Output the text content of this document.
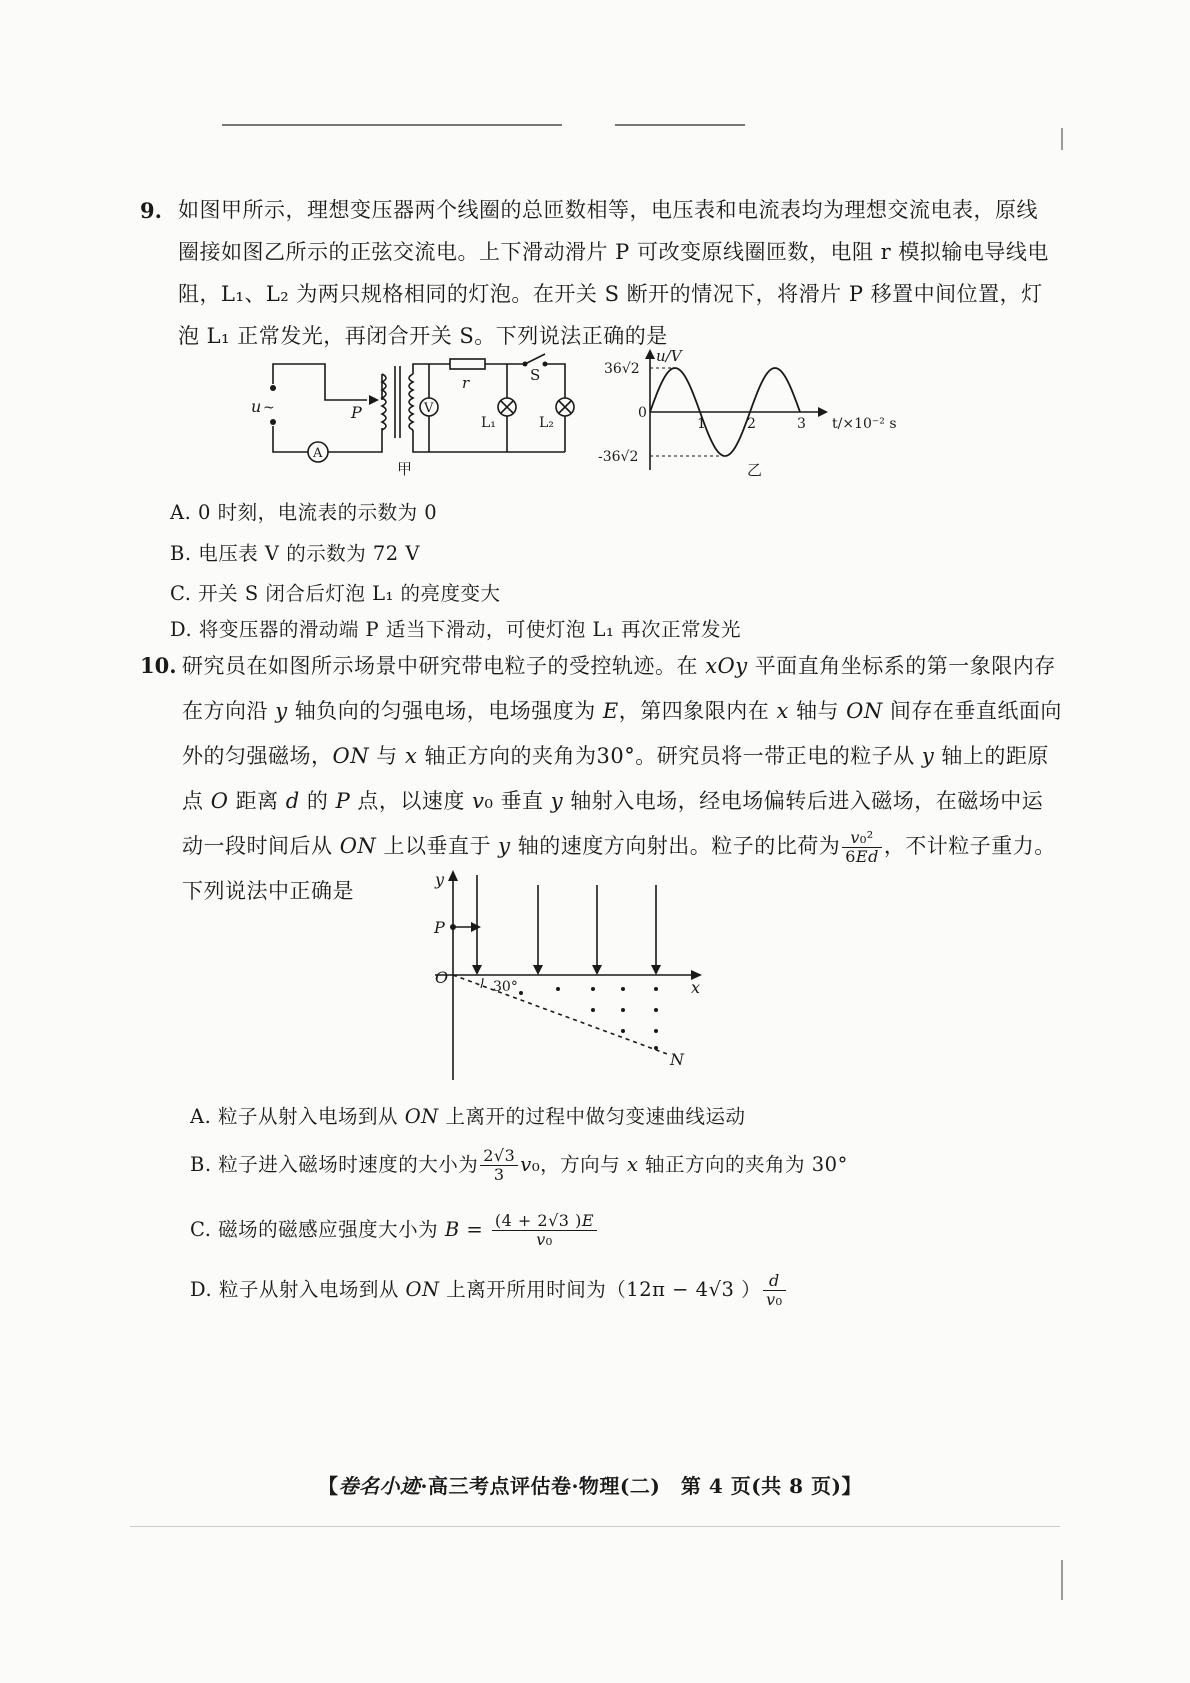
9. 如图甲所示，理想变压器两个线圈的总匝数相等，电压表和电流表均为理想交流电表，原线圈接如图乙所示的正弦交流电。上下滑动滑片 P 可改变原线圈匝数，电阻 r 模拟输电导线电阻，L₁、L₂ 为两只规格相同的灯泡。在开关 S 断开的情况下，将滑片 P 移置中间位置，灯泡 L₁ 正常发光，再闭合开关 S。下列说法正确的是
u ~	P	V
A
r	S
L₁	L₂
甲
u/V
t/×10⁻² s
0
36√2
-36√2
1	2	3
乙
A. 0 时刻，电流表的示数为 0
B. 电压表 V 的示数为 72 V
C. 开关 S 闭合后灯泡 L₁ 的亮度变大
D. 将变压器的滑动端 P 适当下滑动，可使灯泡 L₁ 再次正常发光
10. 研究员在如图所示场景中研究带电粒子的受控轨迹。在 xOy 平面直角坐标系的第一象限内存在方向沿 y 轴负向的匀强电场，电场强度为 E，第四象限内在 x 轴与 ON 间存在垂直纸面向外的匀强磁场，ON 与 x 轴正方向的夹角为30°。研究员将一带正电的粒子从 y 轴上的距原点 O 距离 d 的 P 点，以速度 v₀ 垂直 y 轴射入电场，经电场偏转后进入磁场，在磁场中运动一段时间后从 ON 上以垂直于 y 轴的速度方向射出。粒子的比荷为 $\frac{\text{v₀²}}{6Ed}$ ，不计粒子重力。下列说法中正确是	y
x
O
P
N
30°
A. 粒子从射入电场到从 ON 上离开的过程中做匀变速曲线运动
B. 粒子进入磁场时速度的大小为 $\frac{2√3}{3} v_0$，方向与 x 轴正方向的夹角为 30°
C. 磁场的磁感应强度大小为 $B = \frac{(4 + 2√3 )E}{\text{v₀}}$
D. 粒子从射入电场到从 ON 上离开所用时间为（12π − 4√3 ） $\frac{d}{\text{v₀}}$
【卷名小迹·高三考点评估卷·物理(二)　第 4 页(共 8 页)】
